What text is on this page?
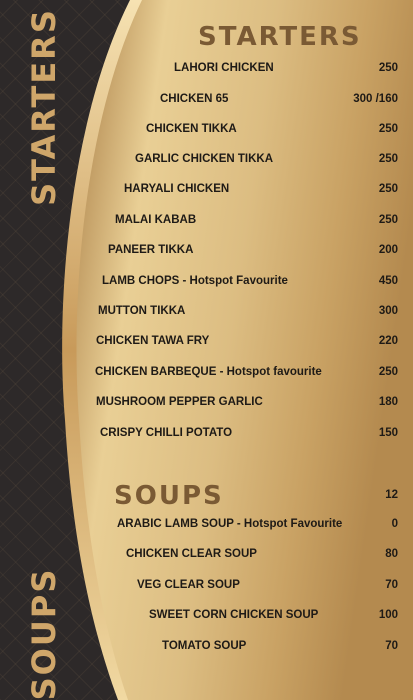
STARTERS
SOUPS
STARTERS
LAHORI CHICKEN	250
CHICKEN 65	300 /160
CHICKEN TIKKA	250
GARLIC CHICKEN TIKKA	250
HARYALI CHICKEN	250
MALAI KABAB	250
PANEER TIKKA	200
LAMB CHOPS - Hotspot Favourite	450
MUTTON TIKKA	300
CHICKEN TAWA FRY	220
CHICKEN BARBEQUE - Hotspot favourite	250
MUSHROOM PEPPER GARLIC	180
CRISPY CHILLI POTATO	150
SOUPS	12
ARABIC LAMB SOUP - Hotspot Favourite	0
CHICKEN CLEAR SOUP	80
VEG CLEAR SOUP	70
SWEET CORN CHICKEN SOUP	100
TOMATO SOUP	70
